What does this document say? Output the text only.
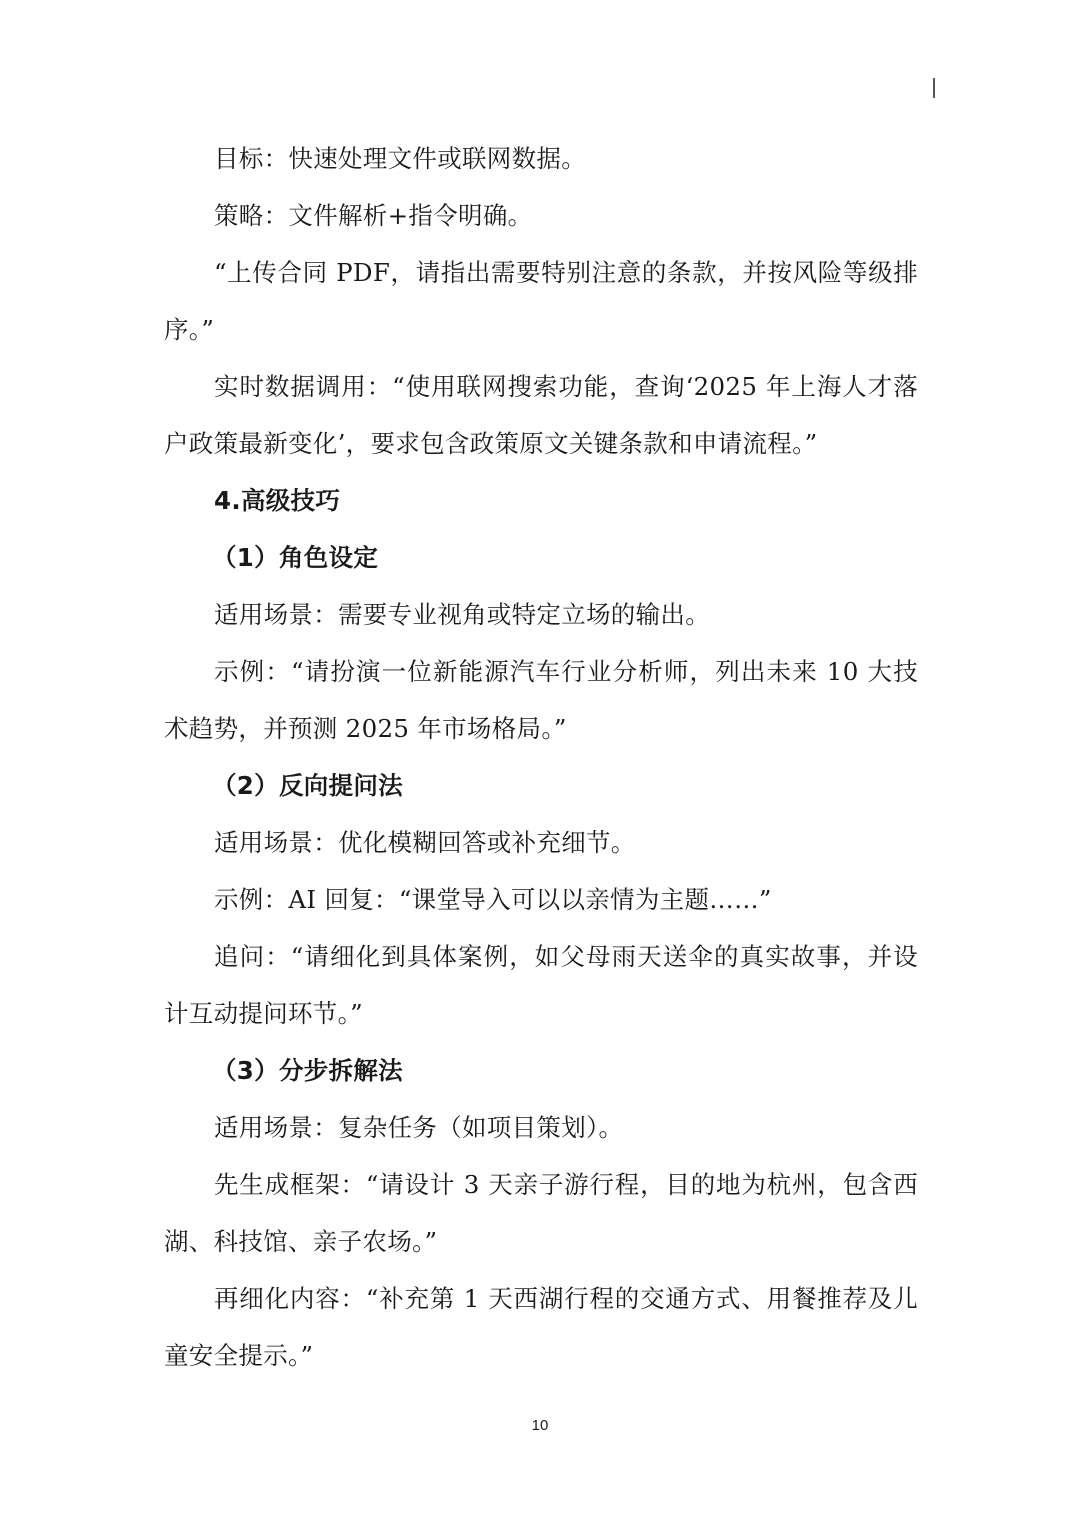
目标：快速处理文件或联网数据。

策略：文件解析+指令明确。

“上传合同 PDF，请指出需要特别注意的条款，并按风险等级排序。”

实时数据调用：“使用联网搜索功能，查询‘2025 年上海人才落户政策最新变化’，要求包含政策原文关键条款和申请流程。”

4.高级技巧

（1）角色设定

适用场景：需要专业视角或特定立场的输出。

示例：“请扮演一位新能源汽车行业分析师，列出未来 10 大技术趋势，并预测 2025 年市场格局。”

（2）反向提问法

适用场景：优化模糊回答或补充细节。

示例：AI 回复：“课堂导入可以以亲情为主题……”

追问：“请细化到具体案例，如父母雨天送伞的真实故事，并设计互动提问环节。”

（3）分步拆解法

适用场景：复杂任务（如项目策划）。

先生成框架：“请设计 3 天亲子游行程，目的地为杭州，包含西湖、科技馆、亲子农场。”

再细化内容：“补充第 1 天西湖行程的交通方式、用餐推荐及儿童安全提示。”

10
